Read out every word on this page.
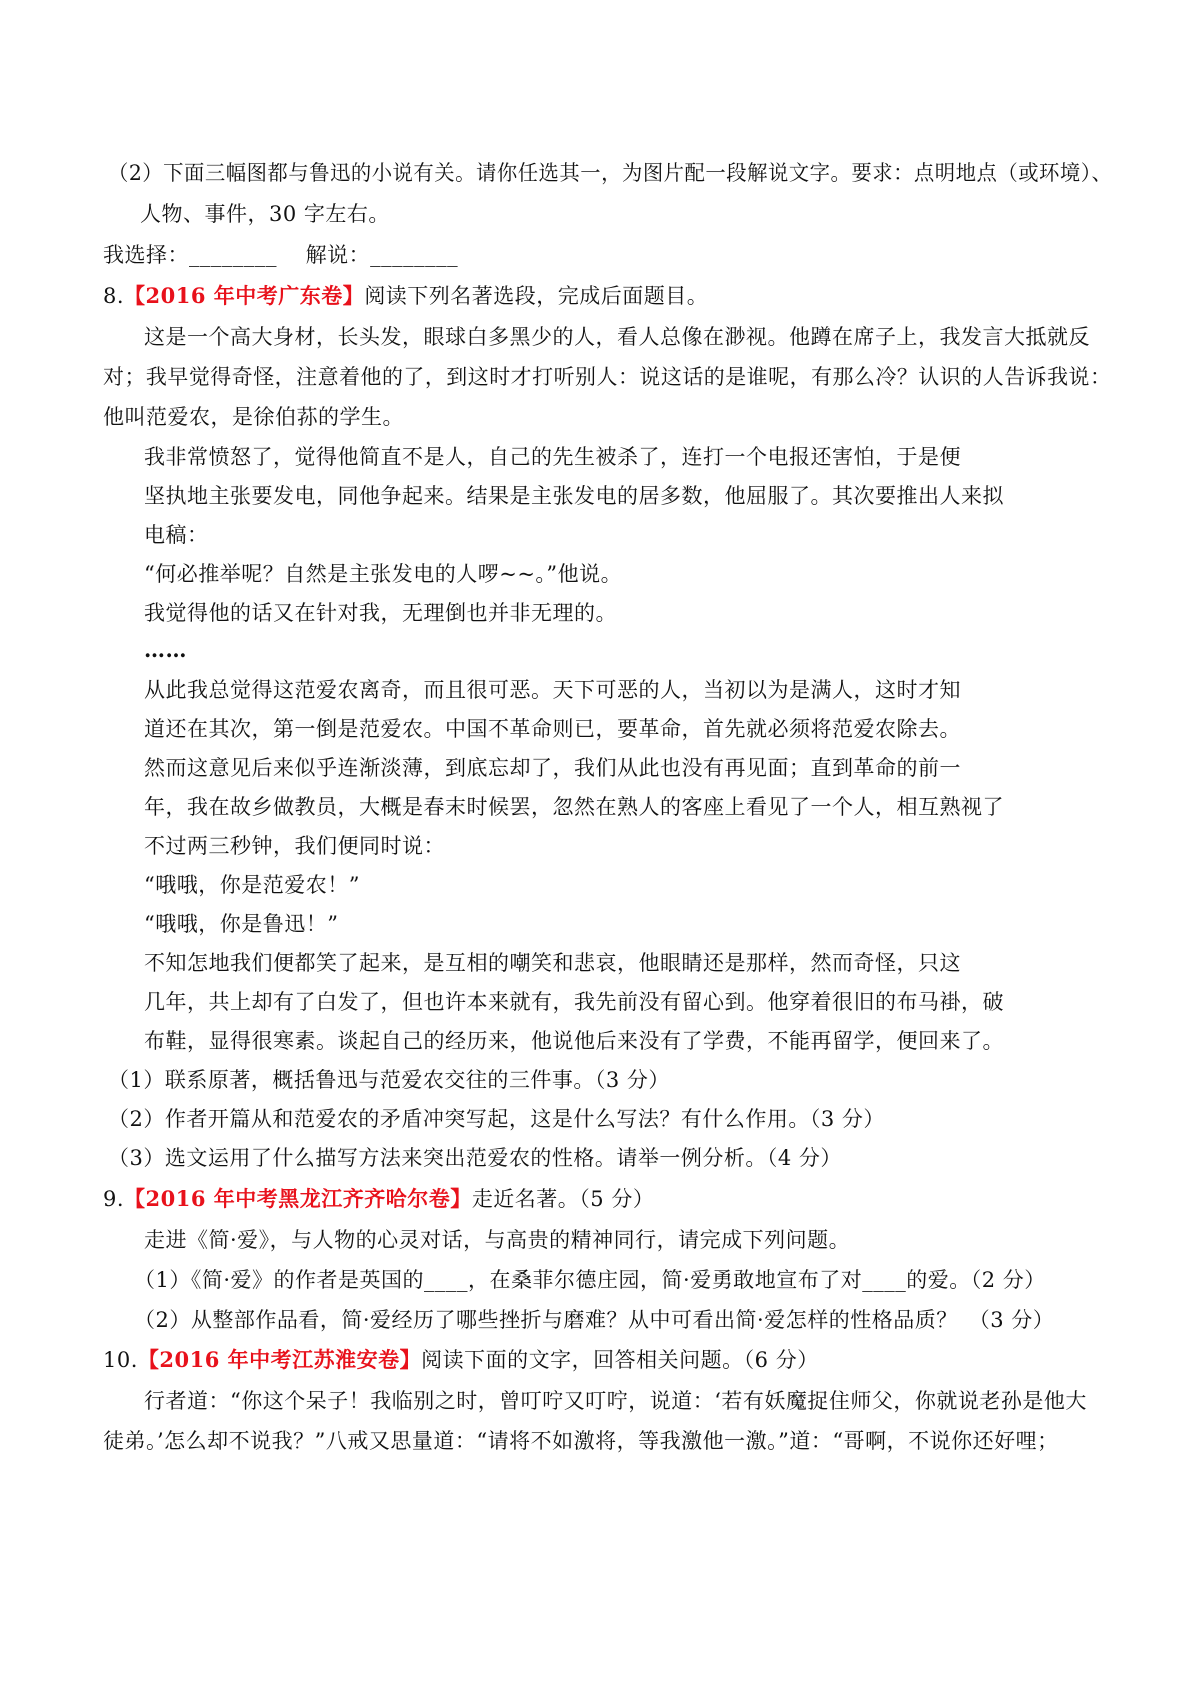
（2）下面三幅图都与鲁迅的小说有关。请你任选其一，为图片配一段解说文字。要求：点明地点（或环境）、
人物、事件，30 字左右。
我选择：________　 解说：________
8.【2016 年中考广东卷】阅读下列名著选段，完成后面题目。
这是一个高大身材，长头发，眼球白多黑少的人，看人总像在渺视。他蹲在席子上，我发言大抵就反
对；我早觉得奇怪，注意着他的了，到这时才打听别人：说这话的是谁呢，有那么冷？认识的人告诉我说：
他叫范爱农，是徐伯荪的学生。
我非常愤怒了，觉得他简直不是人，自己的先生被杀了，连打一个电报还害怕，于是便
坚执地主张要发电，同他争起来。结果是主张发电的居多数，他屈服了。其次要推出人来拟
电稿：
“何必推举呢？自然是主张发电的人啰~~。”他说。
我觉得他的话又在针对我，无理倒也并非无理的。
……
从此我总觉得这范爱农离奇，而且很可恶。天下可恶的人，当初以为是满人，这时才知
道还在其次，第一倒是范爱农。中国不革命则已，要革命，首先就必须将范爱农除去。
然而这意见后来似乎连渐淡薄，到底忘却了，我们从此也没有再见面；直到革命的前一
年，我在故乡做教员，大概是春末时候罢，忽然在熟人的客座上看见了一个人，相互熟视了
不过两三秒钟，我们便同时说：
“哦哦，你是范爱农！”
“哦哦，你是鲁迅！”
不知怎地我们便都笑了起来，是互相的嘲笑和悲哀，他眼睛还是那样，然而奇怪，只这
几年，共上却有了白发了，但也许本来就有，我先前没有留心到。他穿着很旧的布马褂，破
布鞋，显得很寒素。谈起自己的经历来，他说他后来没有了学费，不能再留学，便回来了。
（1）联系原著，概括鲁迅与范爱农交往的三件事。（3 分）
（2）作者开篇从和范爱农的矛盾冲突写起，这是什么写法？有什么作用。（3 分）
（3）选文运用了什么描写方法来突出范爱农的性格。请举一例分析。（4 分）
9.【2016 年中考黑龙江齐齐哈尔卷】走近名著。（5 分）
走进《简·爱》，与人物的心灵对话，与高贵的精神同行，请完成下列问题。
（1）《简·爱》的作者是英国的____，在桑菲尔德庄园，简·爱勇敢地宣布了对____的爱。（2 分）
（2）从整部作品看，简·爱经历了哪些挫折与磨难？从中可看出简·爱怎样的性格品质？　（3 分）
10.【2016 年中考江苏淮安卷】阅读下面的文字，回答相关问题。（6 分）
行者道：“你这个呆子！我临别之时，曾叮咛又叮咛，说道：‘若有妖魔捉住师父，你就说老孙是他大
徒弟。’怎么却不说我？”八戒又思量道：“请将不如激将，等我激他一激。”道：“哥啊，不说你还好哩；
